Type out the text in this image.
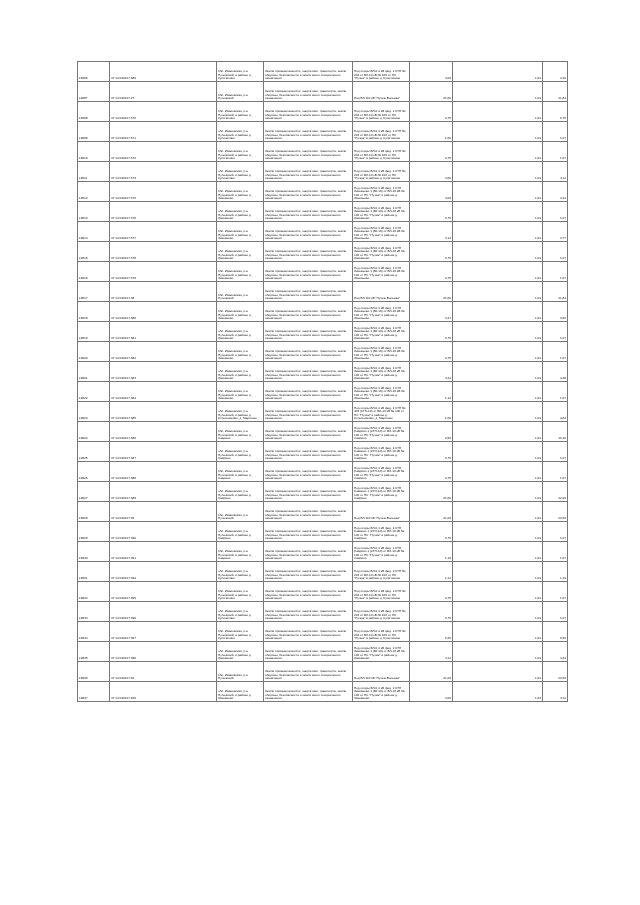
19086	37:14:040417:389	обл. Ивановская, р-н Пучежский, в районе д. Куличихино	Земли промышленности, энергетики, транспорта, земли обороны, безопасности и земли иного специального назначения	Под опоры ВЛ-0,4 кВ фид. 1 КТП № 203 от ВЛ-10 кВ № 100 от ПС "Пучеж" в районе д. Куличихино	4,00	1,04	4,16
19087	37:14:040417:27	обл. Ивановская, р-н Пучежский	Земли промышленности, энергетики, транспорта, земли обороны, безопасности и земли иного специального назначения	Под ВЛ 110 кВ "Пучеж-Вольная"	21,00	1,04	21,84
19088	37:14:040417:370	обл. Ивановская, р-н Пучежский, в районе д. Куличихино	Земли промышленности, энергетики, транспорта, земли обороны, безопасности и земли иного специального назначения	Под опоры ВЛ-0,4 кВ фид. 1 КТП № 203 от ВЛ-10 кВ № 100 от ПС "Пучеж" в районе д. Куличихино	0,75	1,04	0,78
19089	37:14:040417:371	обл. Ивановская, р-н Пучежский, в районе д. Куличихино	Земли промышленности, энергетики, транспорта, земли обороны, безопасности и земли иного специального назначения	Под опоры ВЛ-0,4 кВ фид. 1 КТП № 203 от ВЛ-10 кВ № 100 от ПС "Пучеж" в районе д. Куличихино	1,00	1,04	1,07
19610	37:14:040417:372	обл. Ивановская, р-н Пучежский, в районе д. Куличихино	Земли промышленности, энергетики, транспорта, земли обороны, безопасности и земли иного специального назначения	Под опоры ВЛ-0,4 кВ фид. 1 КТП № 203 от ВЛ-10 кВ № 100 от ПС "Пучеж" в районе д. Куличихино	0,75	1,04	1,07
19611	37:14:040417:373	обл. Ивановская, р-н Пучежский, в районе д. Куличихино	Земли промышленности, энергетики, транспорта, земли обороны, безопасности и земли иного специального назначения	Под опоры ВЛ-0,4 кВ фид. 1 КТП № 203 от ВЛ-10 кВ № 100 от ПС "Пучеж" в районе д. Куличихино	3,00	1,04	3,11
19612	37:14:040417:375	обл. Ивановская, р-н Пучежский, в районе д. Зиновьево	Земли промышленности, энергетики, транспорта, земли обороны, безопасности и земли иного специального назначения	Под опоры ВЛ-0,4 кВ фид. 1 КТП Зиновьево 1 (80-10) от ВЛ-10 кВ № 100 от ПС "Пучеж" в районе д. Зиновьево	4,00	1,04	4,44
19613	37:14:040417:376	обл. Ивановская, р-н Пучежский, в районе д. Зиновьево	Земли промышленности, энергетики, транспорта, земли обороны, безопасности и земли иного специального назначения	Под опоры ВЛ-0,4 кВ фид. 1 КТП Зиновьево 1 (80-10) от ВЛ-10 кВ № 100 от ПС "Пучеж" в районе д. Зиновьево	0,75	1,04	1,07
19614	37:14:040417:377	обл. Ивановская, р-н Пучежский, в районе д. Зиновьево	Земли промышленности, энергетики, транспорта, земли обороны, безопасности и земли иного специального назначения	Под опоры ВЛ-0,4 кВ фид. 1 КТП Зиновьево 1 (80-10) от ВЛ-10 кВ № 100 от ПС "Пучеж" в районе д. Зиновьево	3,14	1,04	3,77
19615	37:14:040417:378	обл. Ивановская, р-н Пучежский, в районе д. Зиновьево	Земли промышленности, энергетики, транспорта, земли обороны, безопасности и земли иного специального назначения	Под опоры ВЛ-0,4 кВ фид. 1 КТП Зиновьево 1 (80-10) от ВЛ-10 кВ № 100 от ПС "Пучеж" в районе д. Зиновьево	0,75	1,04	1,07
19616	37:14:040417:379	обл. Ивановская, р-н Пучежский, в районе д. Зиновьево	Земли промышленности, энергетики, транспорта, земли обороны, безопасности и земли иного специального назначения	Под опоры ВЛ-0,4 кВ фид. 1 КТП Зиновьево 1 (80-10) от ВЛ-10 кВ № 100 от ПС "Пучеж" в районе д. Зиновьево	0,75	1,04	1,07
19617	37:14:040417:38	обл. Ивановская, р-н Пучежский	Земли промышленности, энергетики, транспорта, земли обороны, безопасности и земли иного специального назначения	Под ВЛ 110 кВ "Пучеж-Вольная"	21,00	1,04	21,84
19618	37:14:040417:380	обл. Ивановская, р-н Пучежский, в районе д. Зиновьево	Земли промышленности, энергетики, транспорта, земли обороны, безопасности и земли иного специального назначения	Под опоры ВЛ-0,4 кВ фид. 1 КТП Зиновьево 1 (80-10) от ВЛ-10 кВ № 100 от ПС "Пучеж" в районе д. Зиновьево	3,47	1,04	3,60
19619	37:14:040417:381	обл. Ивановская, р-н Пучежский, в районе д. Зиновьево	Земли промышленности, энергетики, транспорта, земли обороны, безопасности и земли иного специального назначения	Под опоры ВЛ-0,4 кВ фид. 1 КТП Зиновьево 1 (80-10) от ВЛ-10 кВ № 100 от ПС "Пучеж" в районе д. Зиновьево	0,75	1,04	1,07
19620	37:14:040417:382	обл. Ивановская, р-н Пучежский, в районе д. Зиновьево	Земли промышленности, энергетики, транспорта, земли обороны, безопасности и земли иного специального назначения	Под опоры ВЛ-0,4 кВ фид. 1 КТП Зиновьево 1 (80-10) от ВЛ-10 кВ № 100 от ПС "Пучеж" в районе д. Зиновьево	0,75	1,04	1,07
19621	37:14:040417:383	обл. Ивановская, р-н Пучежский, в районе д. Зиновьево	Земли промышленности, энергетики, транспорта, земли обороны, безопасности и земли иного специального назначения	Под опоры ВЛ-0,4 кВ фид. 1 КТП Зиновьево 1 (80-10) от ВЛ-10 кВ № 100 от ПС "Пучеж" в районе д. Зиновьево	3,24	1,04	4,48
19622	37:14:040417:384	обл. Ивановская, р-н Пучежский, в районе д. Зиновьево	Земли промышленности, энергетики, транспорта, земли обороны, безопасности и земли иного специального назначения	Под опоры ВЛ-0,4 кВ фид. 1 КТП Зиновьево 1 (80-10) от ВЛ-10 кВ № 100 от ПС "Пучеж" в районе д. Зиновьево	1,12	1,04	1,07
19623	37:14:040417:385	обл. Ивановская, р-н Пучежский, в районе д. Котельниково, д. Мартюшк	Земли промышленности, энергетики, транспорта, земли обороны, безопасности и земли иного специального назначения	Под опоры ВЛ-0,4 кВ фид. 1 КТП № 403 (КТП-10) от ВЛ-10 кВ № 100 от ПС "Пучеж" в районе д. Котельниково, д. Мартюшк	1,06	1,04	4,84
19624	37:14:040417:386	обл. Ивановская, р-н Пучежский, в районе д. Саврино	Земли промышленности, энергетики, транспорта, земли обороны, безопасности и земли иного специального назначения	Под опоры ВЛ-0,4 кВ фид. 1 КТП Саврино 1 (КТП-10) от ВЛ-10 кВ № 100 от ПС "Пучеж" в районе д. Саврино	2,50	1,04	10,10
19625	37:14:040417:387	обл. Ивановская, р-н Пучежский, в районе д. Саврино	Земли промышленности, энергетики, транспорта, земли обороны, безопасности и земли иного специального назначения	Под опоры ВЛ-0,4 кВ фид. 1 КТП Саврино 1 (КТП-10) от ВЛ-10 кВ № 100 от ПС "Пучеж" в районе д. Саврино	0,75	1,04	1,07
19626	37:14:040417:388	обл. Ивановская, р-н Пучежский, в районе д. Саврино	Земли промышленности, энергетики, транспорта, земли обороны, безопасности и земли иного специального назначения	Под опоры ВЛ-0,4 кВ фид. 1 КТП Саврино 1 (КТП-10) от ВЛ-10 кВ № 100 от ПС "Пучеж" в районе д. Саврино	0,75	1,04	1,07
19627	37:14:040417:389	обл. Ивановская, р-н Пучежский, в районе д. Саврино	Земли промышленности, энергетики, транспорта, земли обороны, безопасности и земли иного специального назначения	Под опоры ВЛ-0,4 кВ фид. 1 КТП Саврино 1 (КТП-10) от ВЛ-10 кВ № 100 от ПС "Пучеж" в районе д. Саврино	21,00	1,04	22,09
19628	37:14:040417:39	обл. Ивановская, р-н Пучежский	Земли промышленности, энергетики, транспорта, земли обороны, безопасности и земли иного специального назначения	Под ВЛ 110 кВ "Пучеж-Вольная"	21,00	1,04	22,09
19629	37:14:040417:390	обл. Ивановская, р-н Пучежский, в районе д. Саврино	Земли промышленности, энергетики, транспорта, земли обороны, безопасности и земли иного специального назначения	Под опоры ВЛ-0,4 кВ фид. 1 КТП Саврино 1 (КТП-10) от ВЛ-10 кВ № 100 от ПС "Пучеж" в районе д. Саврино	0,75	1,04	1,07
19630	37:14:040417:391	обл. Ивановская, р-н Пучежский, в районе д. Саврино	Земли промышленности, энергетики, транспорта, земли обороны, безопасности и земли иного специального назначения	Под опоры ВЛ-0,4 кВ фид. 1 КТП Саврино 1 (КТП-10) от ВЛ-10 кВ № 100 от ПС "Пучеж" в районе д. Саврино	1,10	1,04	1,07
19631	37:14:040417:394	обл. Ивановская, р-н Пучежский, в районе д. Куличихино	Земли промышленности, энергетики, транспорта, земли обороны, безопасности и земли иного специального назначения	Под опоры ВЛ-0,4 кВ фид. 2 КТП № 203 от ВЛ-10 кВ № 100 от ПС "Пучеж" в районе д. Куличихино	1,14	1,04	1,19
19632	37:14:040417:395	обл. Ивановская, р-н Пучежский, в районе д. Куличихино	Земли промышленности, энергетики, транспорта, земли обороны, безопасности и земли иного специального назначения	Под опоры ВЛ-0,4 кВ фид. 2 КТП № 203 от ВЛ-10 кВ № 100 от ПС "Пучеж" в районе д. Куличихино	0,75	1,04	1,07
19633	37:14:040417:396	обл. Ивановская, р-н Пучежский, в районе д. Куличихино	Земли промышленности, энергетики, транспорта, земли обороны, безопасности и земли иного специального назначения	Под опоры ВЛ-0,4 кВ фид. 2 КТП № 203 от ВЛ-10 кВ № 100 от ПС "Пучеж" в районе д. Куличихино	0,75	1,04	1,07
19634	37:14:040417:397	обл. Ивановская, р-н Пучежский, в районе д. Куличихино	Земли промышленности, энергетики, транспорта, земли обороны, безопасности и земли иного специального назначения	Под опоры ВЛ-0,4 кВ фид. 2 КТП № 203 от ВЛ-10 кВ № 100 от ПС "Пучеж" в районе д. Куличихино	6,25	1,04	6,50
19635	37:14:040417:398	обл. Ивановская, р-н Пучежский, в районе д. Зиновьево	Земли промышленности, энергетики, транспорта, земли обороны, безопасности и земли иного специального назначения	Под опоры ВЛ-0,4 кВ фид. 2 КТП Зиновьево 1 (80-10) от ВЛ-10 кВ № 100 от ПС "Пучеж" в районе д. Зиновьево	4,14	1,04	4,34
19636	37:14:040417:40	обл. Ивановская, р-н Пучежский	Земли промышленности, энергетики, транспорта, земли обороны, безопасности и земли иного специального назначения	Под ВЛ 110 кВ "Пучеж-Вольная"	21,00	1,04	22,09
19637	37:14:040417:400	обл. Ивановская, р-н Пучежский, в районе д. Зиновьево	Земли промышленности, энергетики, транспорта, земли обороны, безопасности и земли иного специального назначения	Под опоры ВЛ-0,4 кВ фид. 2 КТП Зиновьево 1 (80-10) от ВЛ-10 кВ № 100 от ПС "Пучеж" в районе д. Зиновьево	3,00	1,04	3,11
